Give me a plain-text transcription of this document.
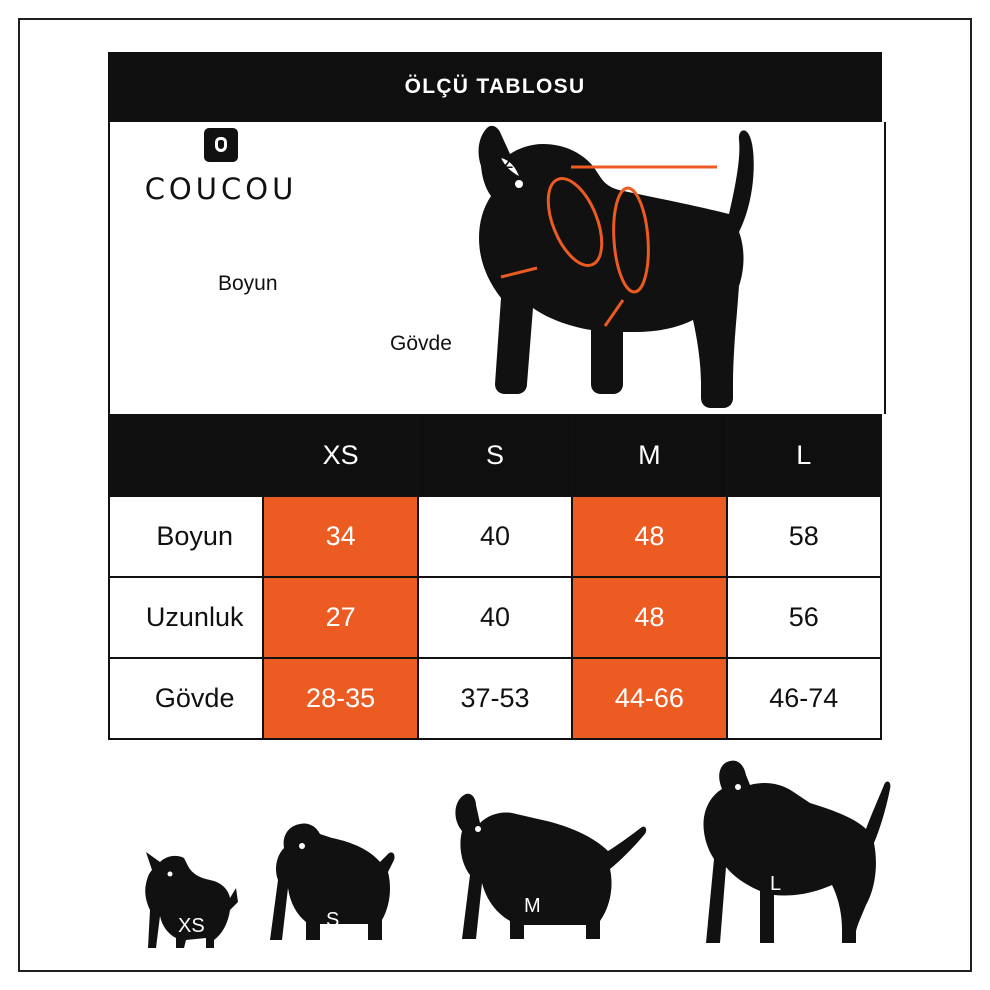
ÖLÇÜ TABLOSU
COUCOU
Uzunluk
Boyun
Gövde
	XS	S	M	L
Boyun	34	40	48	58
Uzunluk	27	40	48	56
Gövde	28-35	37-53	44-66	46-74
XS	S
M
L
